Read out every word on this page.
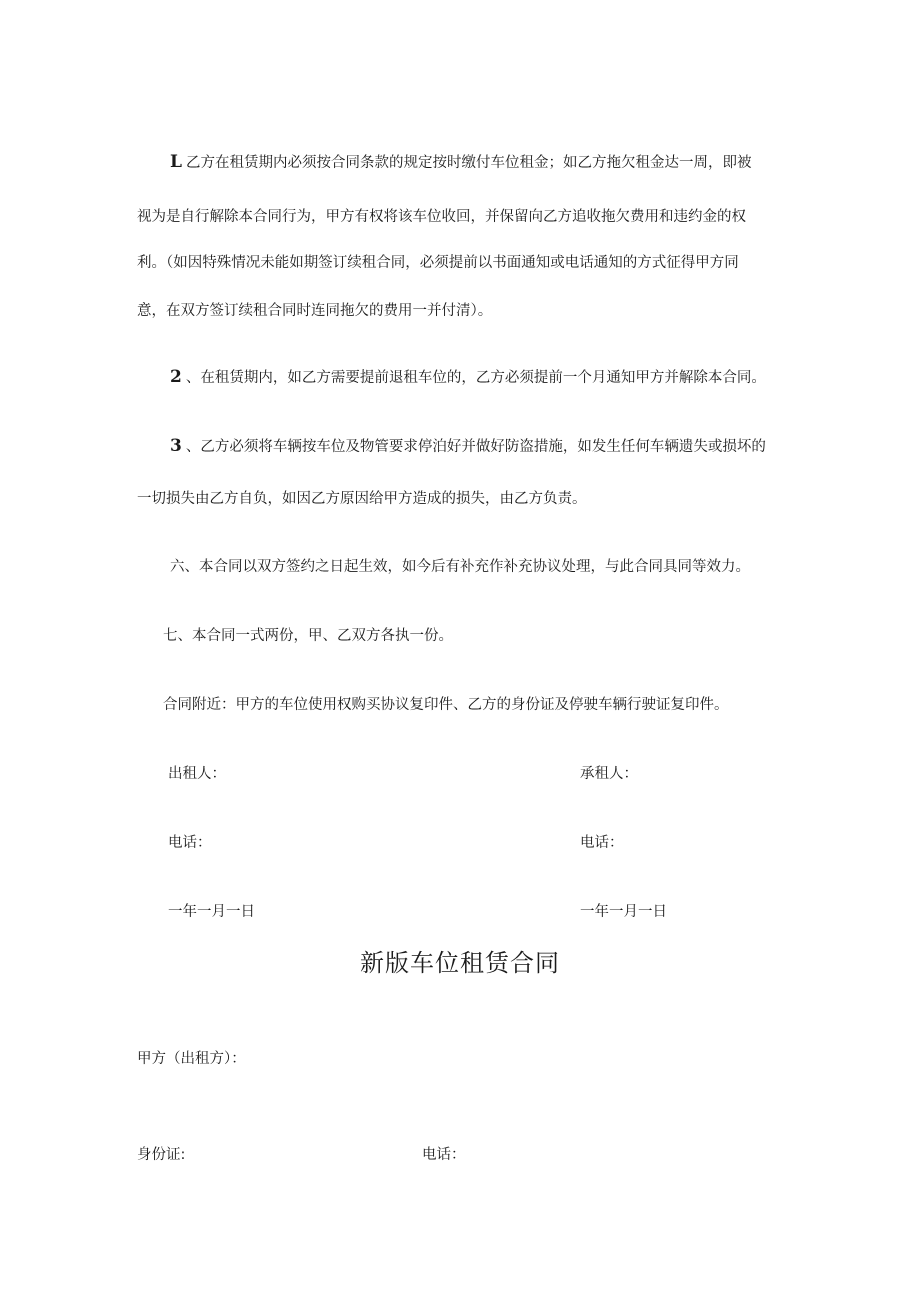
L 乙方在租赁期内必须按合同条款的规定按时缴付车位租金；如乙方拖欠租金达一周，即被
视为是自行解除本合同行为，甲方有权将该车位收回，并保留向乙方追收拖欠费用和违约金的权
利。（如因特殊情况未能如期签订续租合同，必须提前以书面通知或电话通知的方式征得甲方同
意，在双方签订续租合同时连同拖欠的费用一并付清）。
2 、在租赁期内，如乙方需要提前退租车位的，乙方必须提前一个月通知甲方并解除本合同。
3 、乙方必须将车辆按车位及物管要求停泊好并做好防盗措施，如发生任何车辆遗失或损坏的
一切损失由乙方自负，如因乙方原因给甲方造成的损失，由乙方负责。
六、本合同以双方签约之日起生效，如今后有补充作补充协议处理，与此合同具同等效力。
七、本合同一式两份，甲、乙双方各执一份。
合同附近：甲方的车位使用权购买协议复印件、乙方的身份证及停驶车辆行驶证复印件。
出租人：	承租人：
电话：	电话：
一年一月一日	一年一月一日
新版车位租赁合同
甲方（出租方）：
身份证:	电话：
